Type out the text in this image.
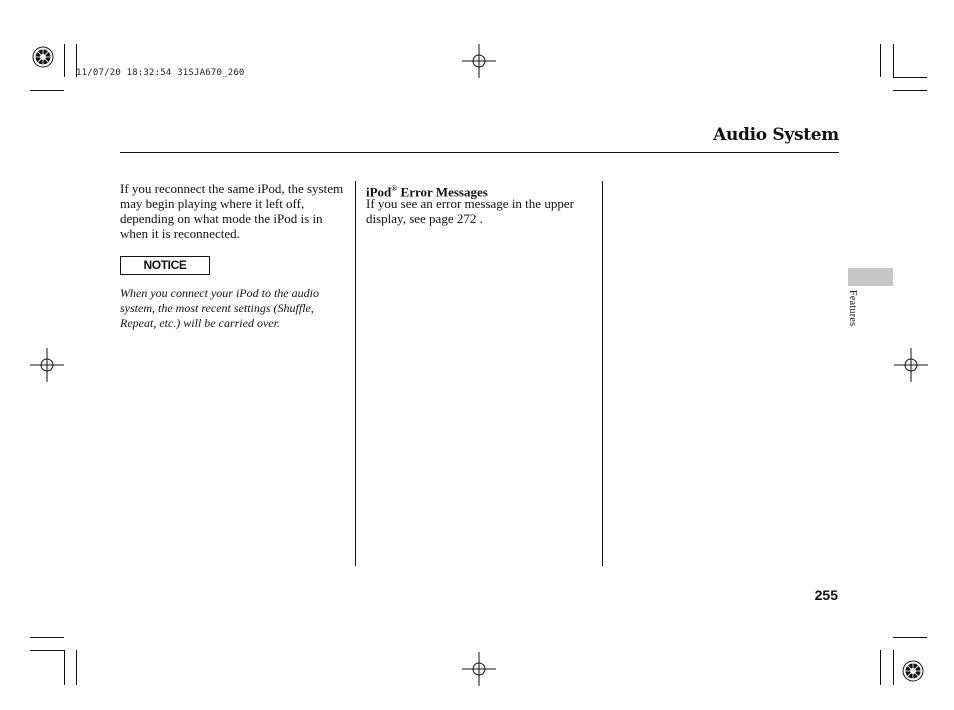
11/07/20 18:32:54 31SJA670_260
Audio System
If you reconnect the same iPod, the system may begin playing where it left off, depending on what mode the iPod is in when it is reconnected.
NOTICE
When you connect your iPod to the audio system, the most recent settings (Shuffle, Repeat, etc.) will be carried over.
iPod® Error Messages
If you see an error message in the upper display, see page 272 .
Features
255
